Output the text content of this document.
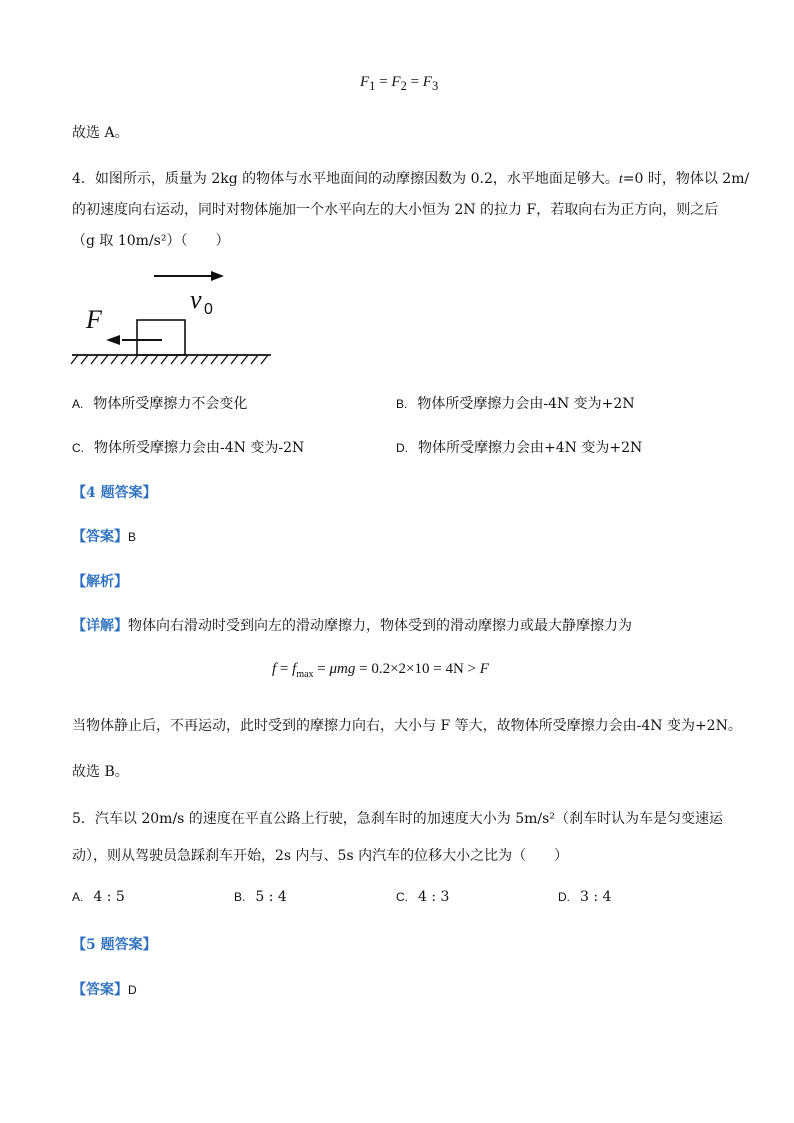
$F_1 = F_2 = F_3$
故选 A。
4．如图所示，质量为 2kg 的物体与水平地面间的动摩擦因数为 0.2，水平地面足够大。t=0 时，物体以 2m/
的初速度向右运动，同时对物体施加一个水平向左的大小恒为 2N 的拉力 F，若取向右为正方向，则之后
（g 取 10m/s²）（　　）
v 0
F
A. 物体所受摩擦力不会变化	B. 物体所受摩擦力会由-4N 变为+2N
C. 物体所受摩擦力会由-4N 变为-2N	D. 物体所受摩擦力会由+4N 变为+2N
【4 题答案】
【答案】B
【解析】
【详解】物体向右滑动时受到向左的滑动摩擦力，物体受到的滑动摩擦力或最大静摩擦力为
$f = f_{max} = \mu mg = 0.2\times 2\times 10 = 4N > F$
当物体静止后，不再运动，此时受到的摩擦力向右，大小与 F 等大，故物体所受摩擦力会由-4N 变为+2N。
故选 B。
5．汽车以 20m/s 的速度在平直公路上行驶，急刹车时的加速度大小为 5m/s²（刹车时认为车是匀变速运
动），则从驾驶员急踩刹车开始，2s 内与、5s 内汽车的位移大小之比为（　　）
A. 4 : 5	B. 5 : 4	C. 4 : 3	D. 3 : 4
【5 题答案】
【答案】D
